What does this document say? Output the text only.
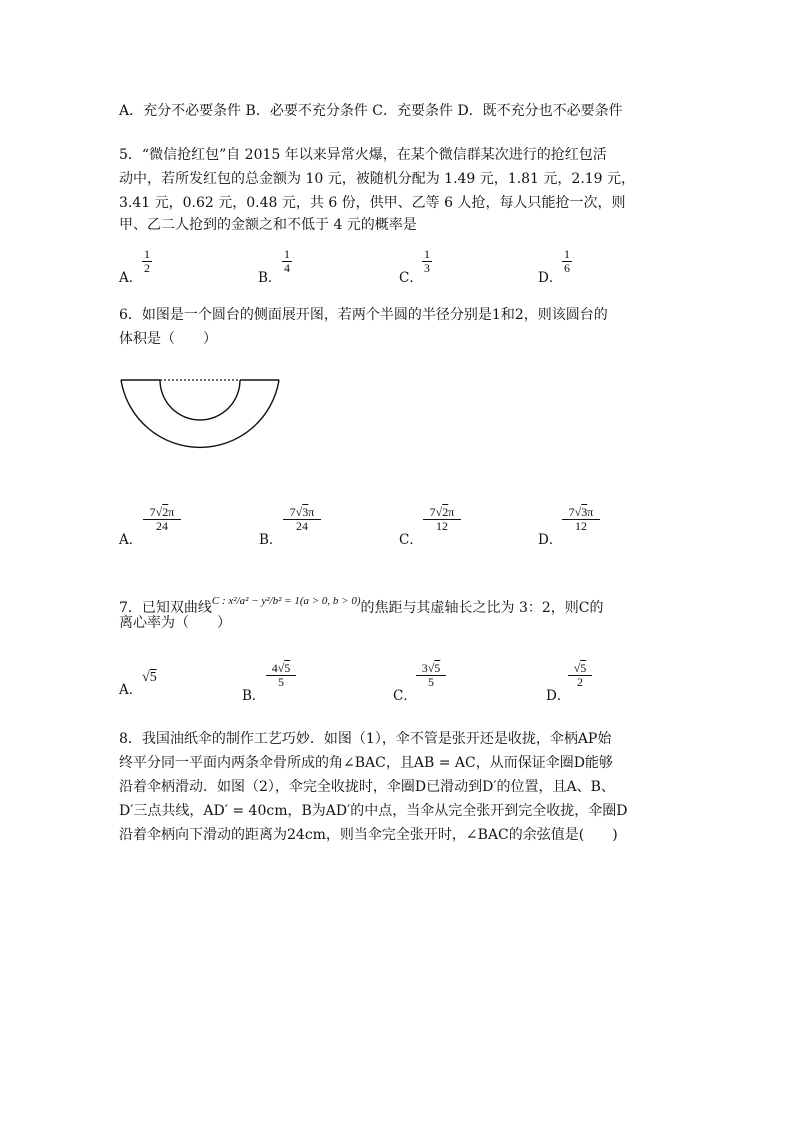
A．充分不必要条件 B．必要不充分条件 C．充要条件 D．既不充分也不必要条件
5．“微信抢红包”自 2015 年以来异常火爆，在某个微信群某次进行的抢红包活
动中，若所发红包的总金额为 10 元，被随机分配为 1.49 元，1.81 元，2.19 元，
3.41 元，0.62 元，0.48 元，共 6 份，供甲、乙等 6 人抢，每人只能抢一次，则
甲、乙二人抢到的金额之和不低于 4 元的概率是
A．
1
2
B．
1
4
C．
1
3
D．
1
6
6．如图是一个圆台的侧面展开图，若两个半圆的半径分别是1和2，则该圆台的
体积是（　　）
A．
7√2π
24
B．
7√3π
24
C．
7√2π
12
D．
7√3π
12
7．已知双曲线C : x²/a² − y²/b² = 1(a > 0, b > 0)的焦距与其虚轴长之比为 3：2，则C的
离心率为（　　）
A．
√5
B．
4√5
5
C．
3√5
5
D．
√5
2
8．我国油纸伞的制作工艺巧妙．如图（1），伞不管是张开还是收拢，伞柄AP始
终平分同一平面内两条伞骨所成的角∠BAC，且AB = AC，从而保证伞圈D能够
沿着伞柄滑动．如图（2），伞完全收拢时，伞圈D已滑动到D′的位置，且A、B、
D′三点共线，AD′ = 40cm，B为AD′的中点，当伞从完全张开到完全收拢，伞圈D
沿着伞柄向下滑动的距离为24cm，则当伞完全张开时，∠BAC的余弦值是(　　)
